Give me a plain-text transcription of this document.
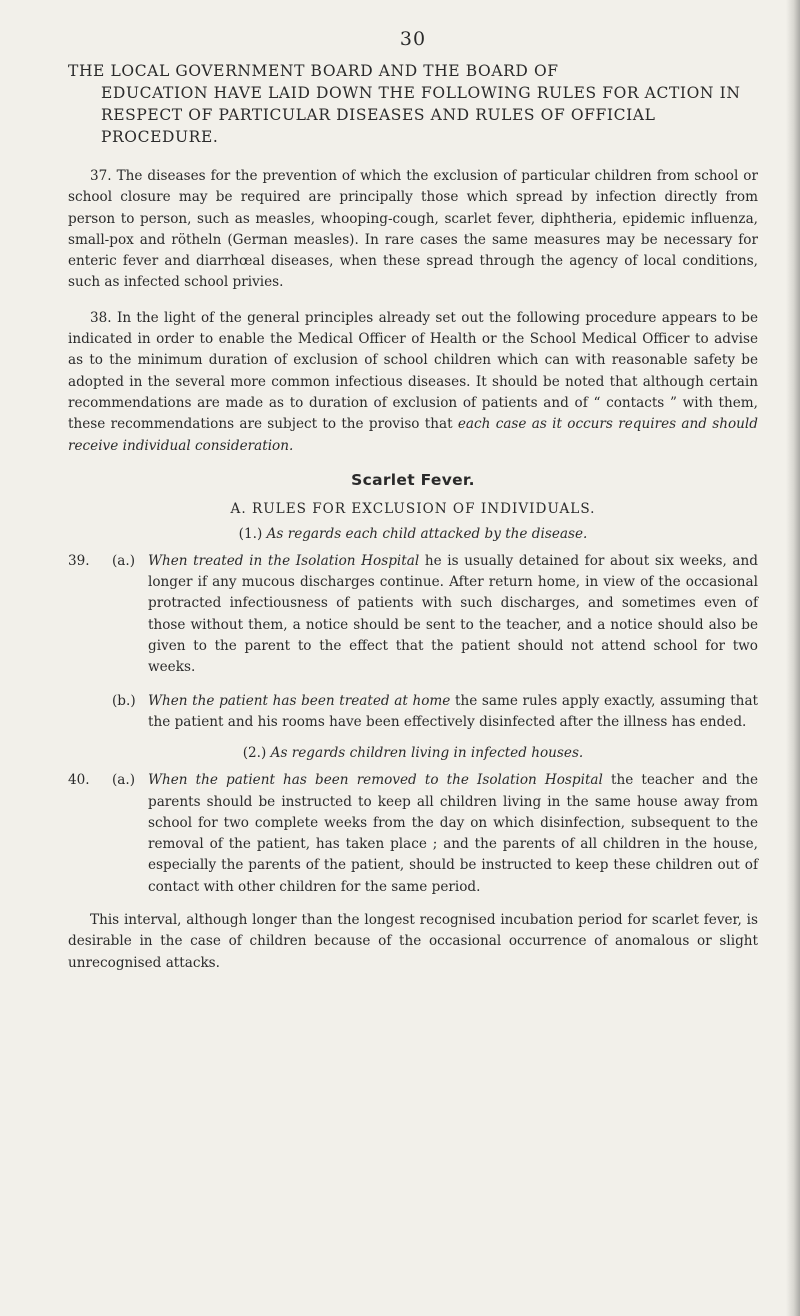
30
THE LOCAL GOVERNMENT BOARD AND THE BOARD OF
EDUCATION HAVE LAID DOWN THE FOLLOWING RULES FOR ACTION IN RESPECT OF PARTICULAR DISEASES AND RULES OF OFFICIAL PROCEDURE.

37. The diseases for the prevention of which the exclusion of particular children from school or school closure may be required are principally those which spread by infection directly from person to person, such as measles, whooping-cough, scarlet fever, diphtheria, epidemic influenza, small-pox and rötheln (German measles). In rare cases the same measures may be necessary for enteric fever and diarrhœal diseases, when these spread through the agency of local conditions, such as infected school privies.

38. In the light of the general principles already set out the following procedure appears to be indicated in order to enable the Medical Officer of Health or the School Medical Officer to advise as to the minimum duration of exclusion of school children which can with reasonable safety be adopted in the several more common infectious diseases. It should be noted that although certain recommendations are made as to duration of exclusion of patients and of “ contacts ” with them, these recommendations are subject to the proviso that each case as it occurs requires and should receive individual consideration.

Scarlet Fever.
A. RULES FOR EXCLUSION OF INDIVIDUALS.
(1.) As regards each child attacked by the disease.

39.	(a.) When treated in the Isolation Hospital he is usually detained for about six weeks, and longer if any mucous discharges continue. After return home, in view of the occasional protracted infectiousness of patients with such discharges, and sometimes even of those without them, a notice should be sent to the teacher, and a notice should also be given to the parent to the effect that the patient should not attend school for two weeks.

(b.) When the patient has been treated at home the same rules apply exactly, assuming that the patient and his rooms have been effectively disinfected after the illness has ended.

(2.) As regards children living in infected houses.

40.	(a.) When the patient has been removed to the Isolation Hospital the teacher and the parents should be instructed to keep all children living in the same house away from school for two complete weeks from the day on which disinfection, subsequent to the removal of the patient, has taken place ; and the parents of all children in the house, especially the parents of the patient, should be instructed to keep these children out of contact with other children for the same period.

This interval, although longer than the longest recognised incubation period for scarlet fever, is desirable in the case of children because of the occasional occurrence of anomalous or slight unrecognised attacks.
